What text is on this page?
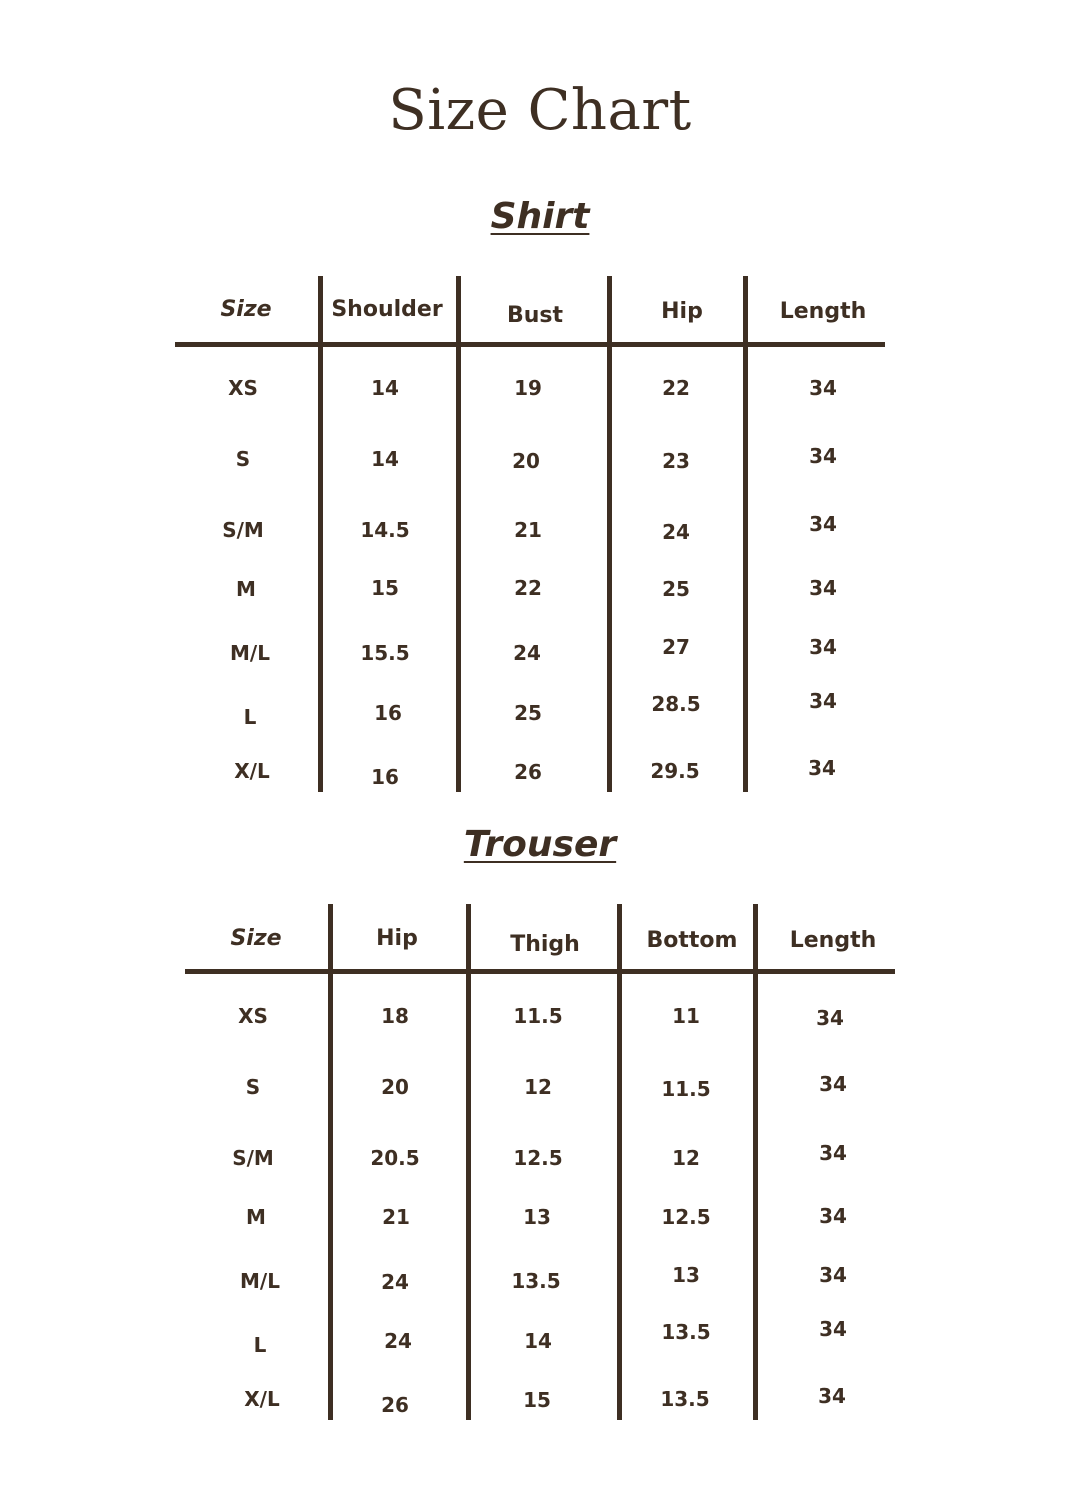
Size Chart
Shirt
Size	Shoulder	Bust	Hip	Length
XS	14	19	22	34
S	14	20	23	34
S/M	14.5	21	24	34
M	15	22	25	34
M/L	15.5	24	27	34
L	16	25	28.5	34
X/L	16	26	29.5	34
Trouser
Size	Hip	Thigh	Bottom	Length
XS	18	11.5	11	34
S	20	12	11.5	34
S/M	20.5	12.5	12	34
M	21	13	12.5	34
M/L	24	13.5	13	34
L	24	14	13.5	34
X/L	26	15	13.5	34
